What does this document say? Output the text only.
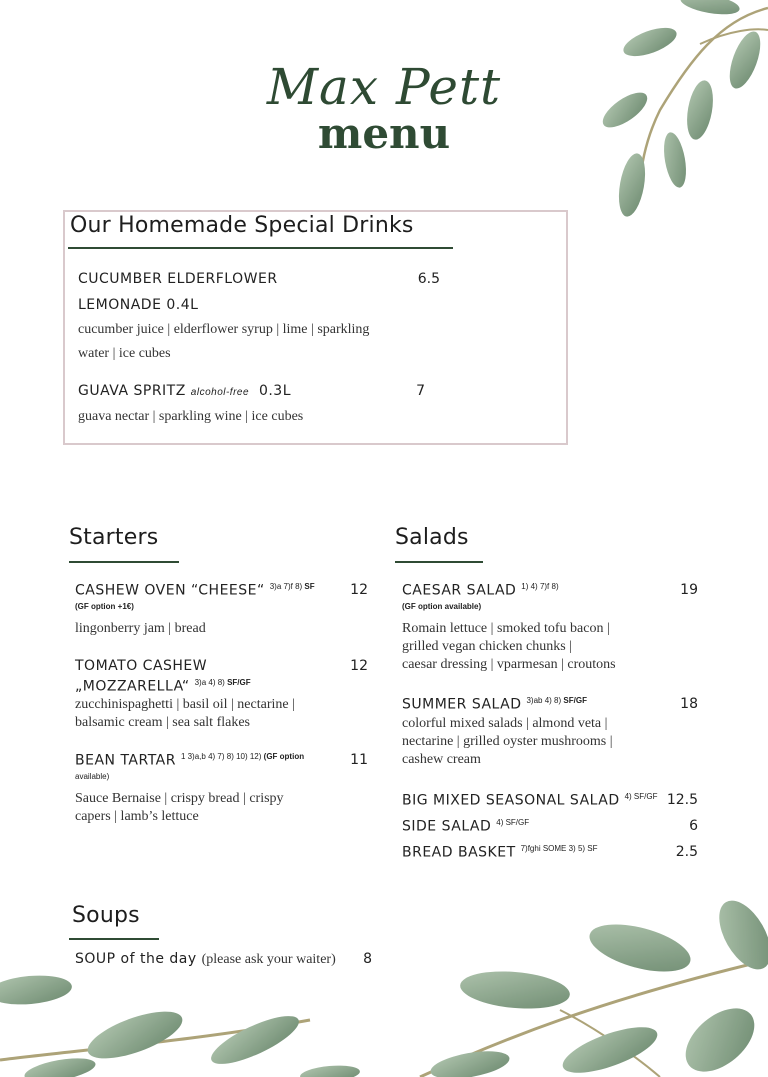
Max Pett
menu
Our Homemade Special Drinks
CUCUMBER ELDERFLOWER	6.5
LEMONADE 0.4L
cucumber juice | elderflower syrup | lime | sparkling
water | ice cubes
GUAVA SPRITZ alcohol-free 0.3L	7
guava nectar | sparkling wine | ice cubes
Starters
CASHEW OVEN “CHEESE“ $^{3)a 7)f 8) SF}$	12
(GF option +1€)
lingonberry jam | bread
TOMATO CASHEW	12
„MOZZARELLA“ $^{3)a 4) 8) SF/GF}$
zucchinispaghetti | basil oil | nectarine |
balsamic cream | sea salt flakes
BEAN TARTAR $^{1 3)a,b 4) 7) 8) 10) 12) (GF option}$	11
available)
Sauce Bernaise | crispy bread | crispy
capers | lamb’s lettuce
Salads
CAESAR SALAD $^{1) 4) 7)f 8)}$	19
(GF option available)
Romain lettuce | smoked tofu bacon |
grilled vegan chicken chunks |
caesar dressing | vparmesan | croutons
SUMMER SALAD $^{3)ab 4) 8) SF/GF}$	18
colorful mixed salads | almond veta |
nectarine | grilled oyster mushrooms |
cashew cream
BIG MIXED SEASONAL SALAD $^{4) SF/GF}$ 12.5
SIDE SALAD $^{4) SF/GF}$	6
BREAD BASKET $^{7)fghi SOME 3) 5) SF}$	2.5
Soups
SOUP of the day (please ask your waiter)	8
